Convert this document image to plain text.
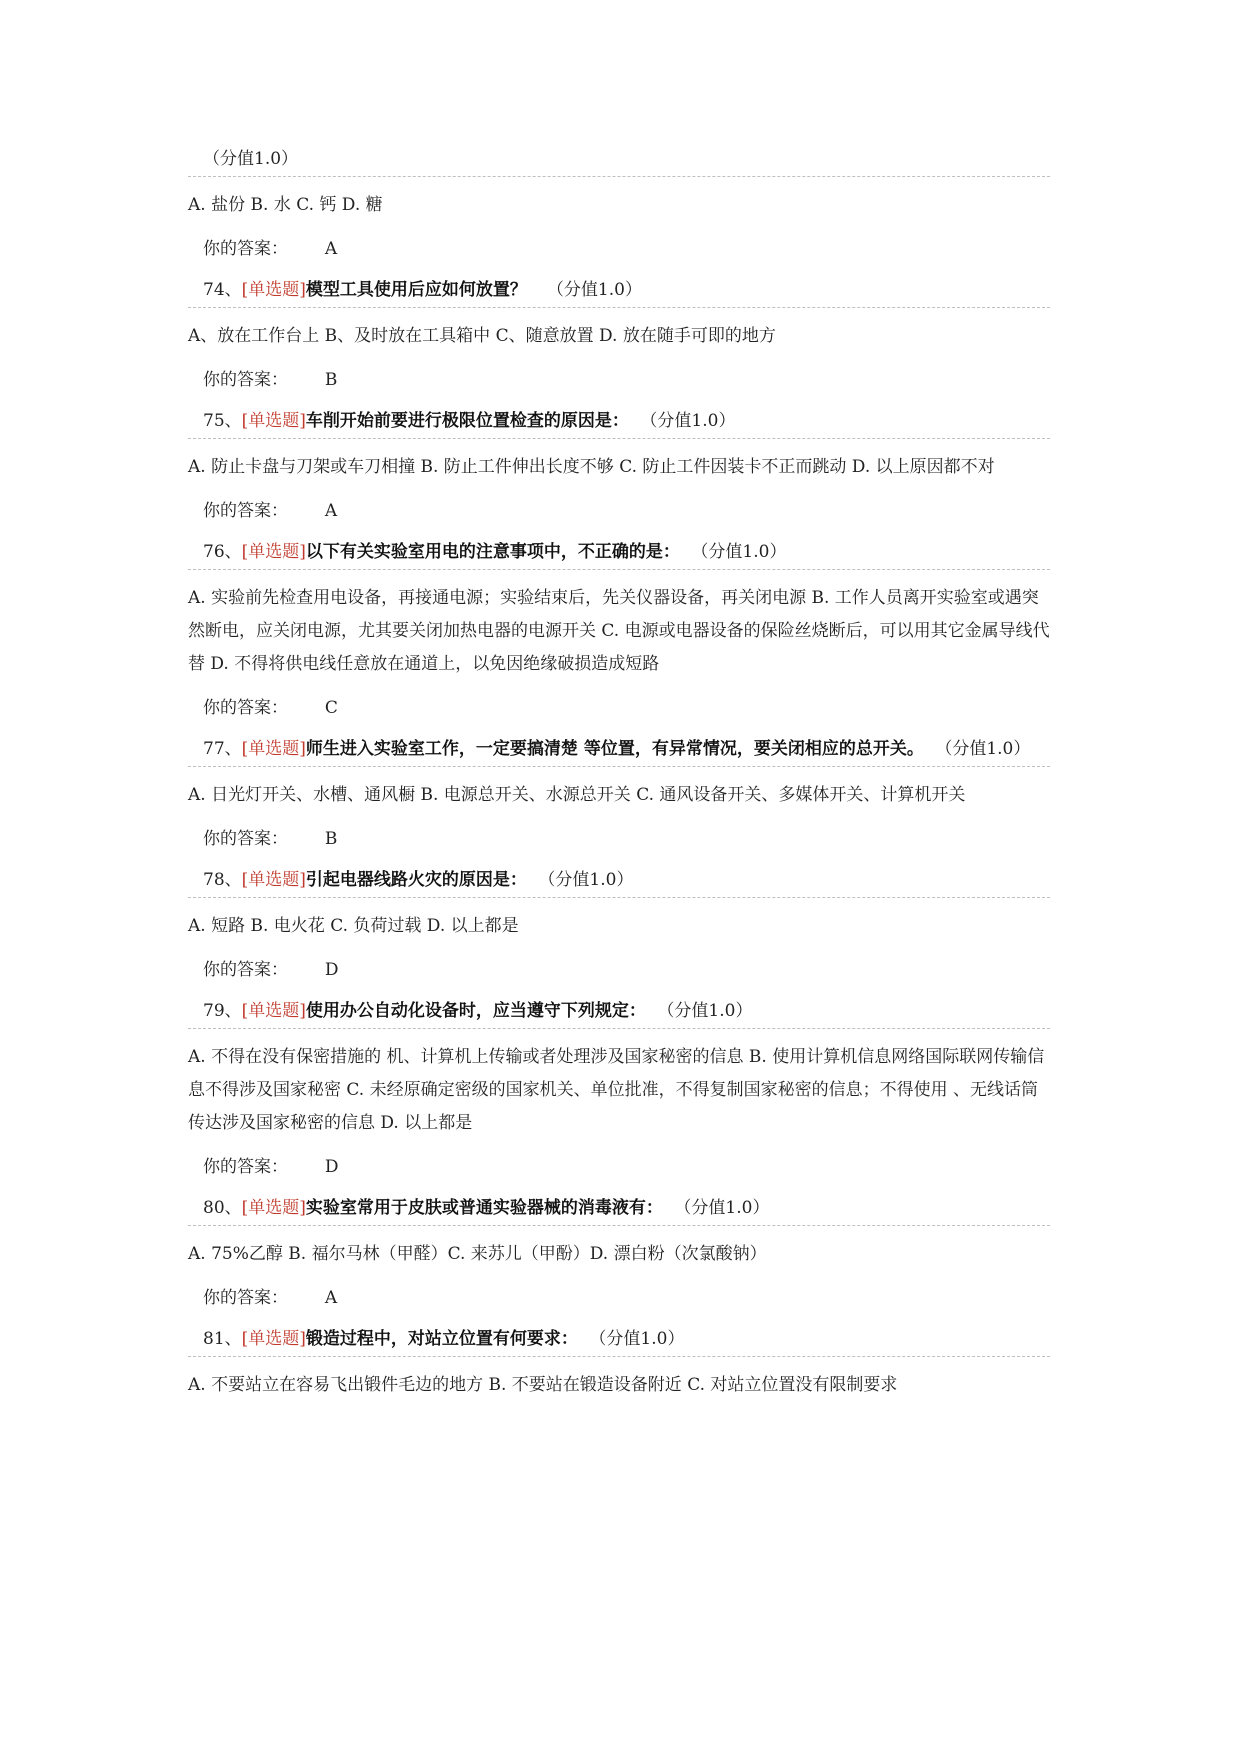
（分值1.0）
A. 盐份 B. 水 C. 钙 D. 糖
你的答案： A
74、[单选题]模型工具使用后应如何放置？ （分值1.0）
A、放在工作台上 B、及时放在工具箱中 C、随意放置 D. 放在随手可即的地方
你的答案： B
75、[单选题]车削开始前要进行极限位置检查的原因是： （分值1.0）
A. 防止卡盘与刀架或车刀相撞 B. 防止工件伸出长度不够 C. 防止工件因装卡不正而跳动 D. 以上原因都不对
你的答案： A
76、[单选题]以下有关实验室用电的注意事项中，不正确的是： （分值1.0）
A. 实验前先检查用电设备，再接通电源；实验结束后，先关仪器设备，再关闭电源 B. 工作人员离开实验室或遇突然断电，应关闭电源，尤其要关闭加热电器的电源开关 C. 电源或电器设备的保险丝烧断后，可以用其它金属导线代替 D. 不得将供电线任意放在通道上，以免因绝缘破损造成短路
你的答案： C
77、[单选题]师生进入实验室工作，一定要搞清楚 等位置，有异常情况，要关闭相应的总开关。 （分值1.0）
A. 日光灯开关、水槽、通风橱 B. 电源总开关、水源总开关 C. 通风设备开关、多媒体开关、计算机开关
你的答案： B
78、[单选题]引起电器线路火灾的原因是： （分值1.0）
A. 短路 B. 电火花 C. 负荷过载 D. 以上都是
你的答案： D
79、[单选题]使用办公自动化设备时，应当遵守下列规定： （分值1.0）
A. 不得在没有保密措施的 机、计算机上传输或者处理涉及国家秘密的信息 B. 使用计算机信息网络国际联网传输信息不得涉及国家秘密 C. 未经原确定密级的国家机关、单位批准，不得复制国家秘密的信息；不得使用 、无线话筒传达涉及国家秘密的信息 D. 以上都是
你的答案： D
80、[单选题]实验室常用于皮肤或普通实验器械的消毒液有： （分值1.0）
A. 75%乙醇 B. 福尔马林（甲醛）C. 来苏儿（甲酚）D. 漂白粉（次氯酸钠）
你的答案： A
81、[单选题]锻造过程中，对站立位置有何要求： （分值1.0）
A. 不要站立在容易飞出锻件毛边的地方 B. 不要站在锻造设备附近 C. 对站立位置没有限制要求
